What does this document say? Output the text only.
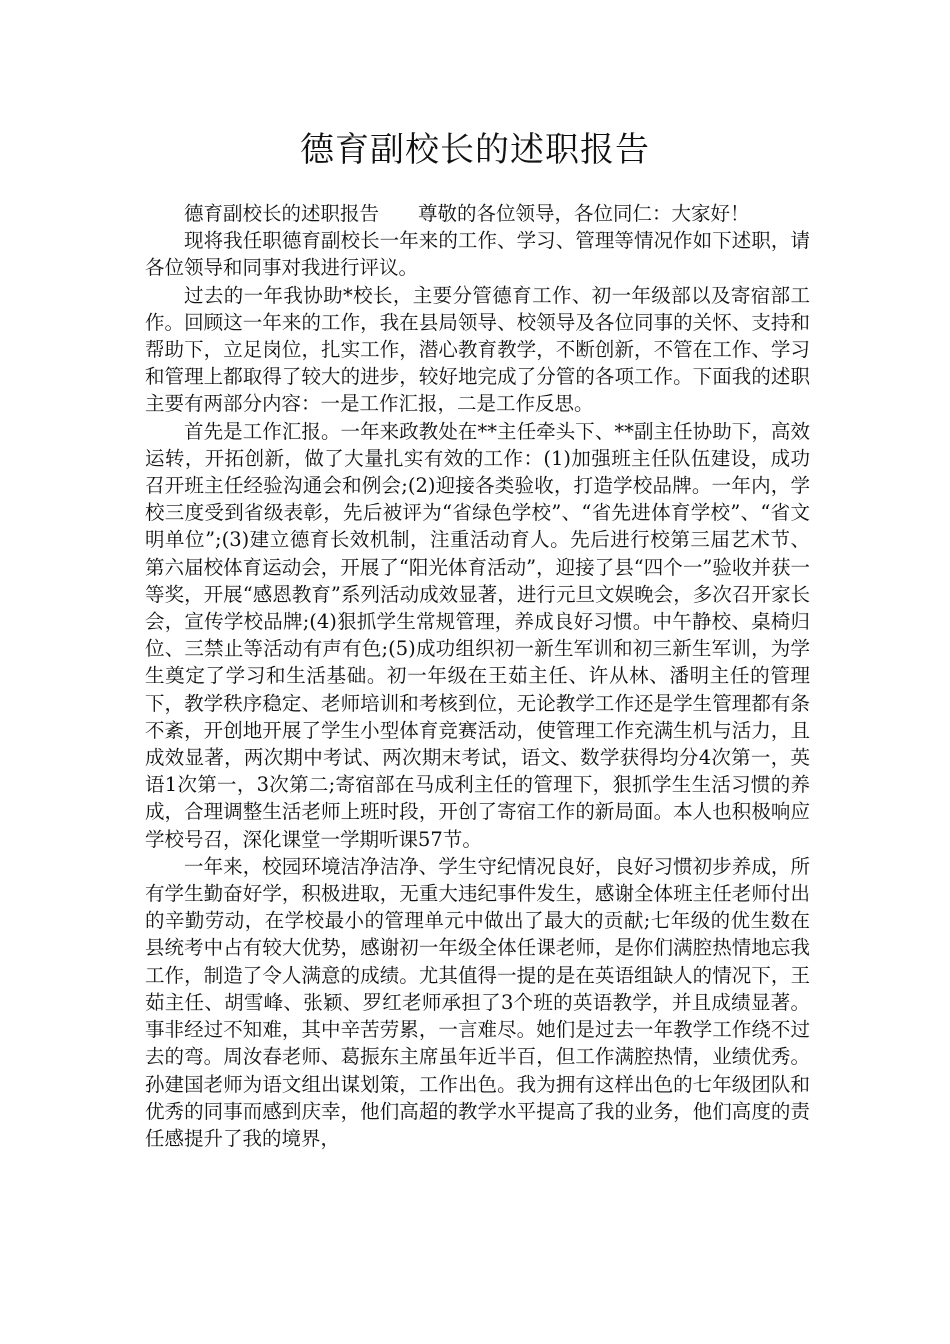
德育副校长的述职报告

德育副校长的述职报告　　尊敬的各位领导，各位同仁：大家好！

现将我任职德育副校长一年来的工作、学习、管理等情况作如下述职，请各位领导和同事对我进行评议。

过去的一年我协助*校长，主要分管德育工作、初一年级部以及寄宿部工作。回顾这一年来的工作，我在县局领导、校领导及各位同事的关怀、支持和帮助下，立足岗位，扎实工作，潜心教育教学，不断创新，不管在工作、学习和管理上都取得了较大的进步，较好地完成了分管的各项工作。下面我的述职主要有两部分内容：一是工作汇报，二是工作反思。

首先是工作汇报。一年来政教处在**主任牵头下、**副主任协助下，高效运转，开拓创新，做了大量扎实有效的工作：(1)加强班主任队伍建设，成功召开班主任经验沟通会和例会;(2)迎接各类验收，打造学校品牌。一年内，学校三度受到省级表彰，先后被评为“省绿色学校”、“省先进体育学校”、“省文明单位”;(3)建立德育长效机制，注重活动育人。先后进行校第三届艺术节、第六届校体育运动会，开展了“阳光体育活动”，迎接了县“四个一”验收并获一等奖，开展“感恩教育”系列活动成效显著，进行元旦文娱晚会，多次召开家长会，宣传学校品牌;(4)狠抓学生常规管理，养成良好习惯。中午静校、桌椅归位、三禁止等活动有声有色;(5)成功组织初一新生军训和初三新生军训，为学生奠定了学习和生活基础。初一年级在王茹主任、许从林、潘明主任的管理下，教学秩序稳定、老师培训和考核到位，无论教学工作还是学生管理都有条不紊，开创地开展了学生小型体育竞赛活动，使管理工作充满生机与活力，且成效显著，两次期中考试、两次期末考试，语文、数学获得均分4次第一，英语1次第一，3次第二;寄宿部在马成利主任的管理下，狠抓学生生活习惯的养成，合理调整生活老师上班时段，开创了寄宿工作的新局面。本人也积极响应学校号召，深化课堂一学期听课57节。

一年来，校园环境洁净洁净、学生守纪情况良好，良好习惯初步养成，所有学生勤奋好学，积极进取，无重大违纪事件发生，感谢全体班主任老师付出的辛勤劳动，在学校最小的管理单元中做出了最大的贡献;七年级的优生数在县统考中占有较大优势，感谢初一年级全体任课老师，是你们满腔热情地忘我工作，制造了令人满意的成绩。尤其值得一提的是在英语组缺人的情况下，王茹主任、胡雪峰、张颖、罗红老师承担了3个班的英语教学，并且成绩显著。事非经过不知难，其中辛苦劳累，一言难尽。她们是过去一年教学工作绕不过去的弯。周汝春老师、葛振东主席虽年近半百，但工作满腔热情，业绩优秀。孙建国老师为语文组出谋划策，工作出色。我为拥有这样出色的七年级团队和优秀的同事而感到庆幸，他们高超的教学水平提高了我的业务，他们高度的责任感提升了我的境界，
